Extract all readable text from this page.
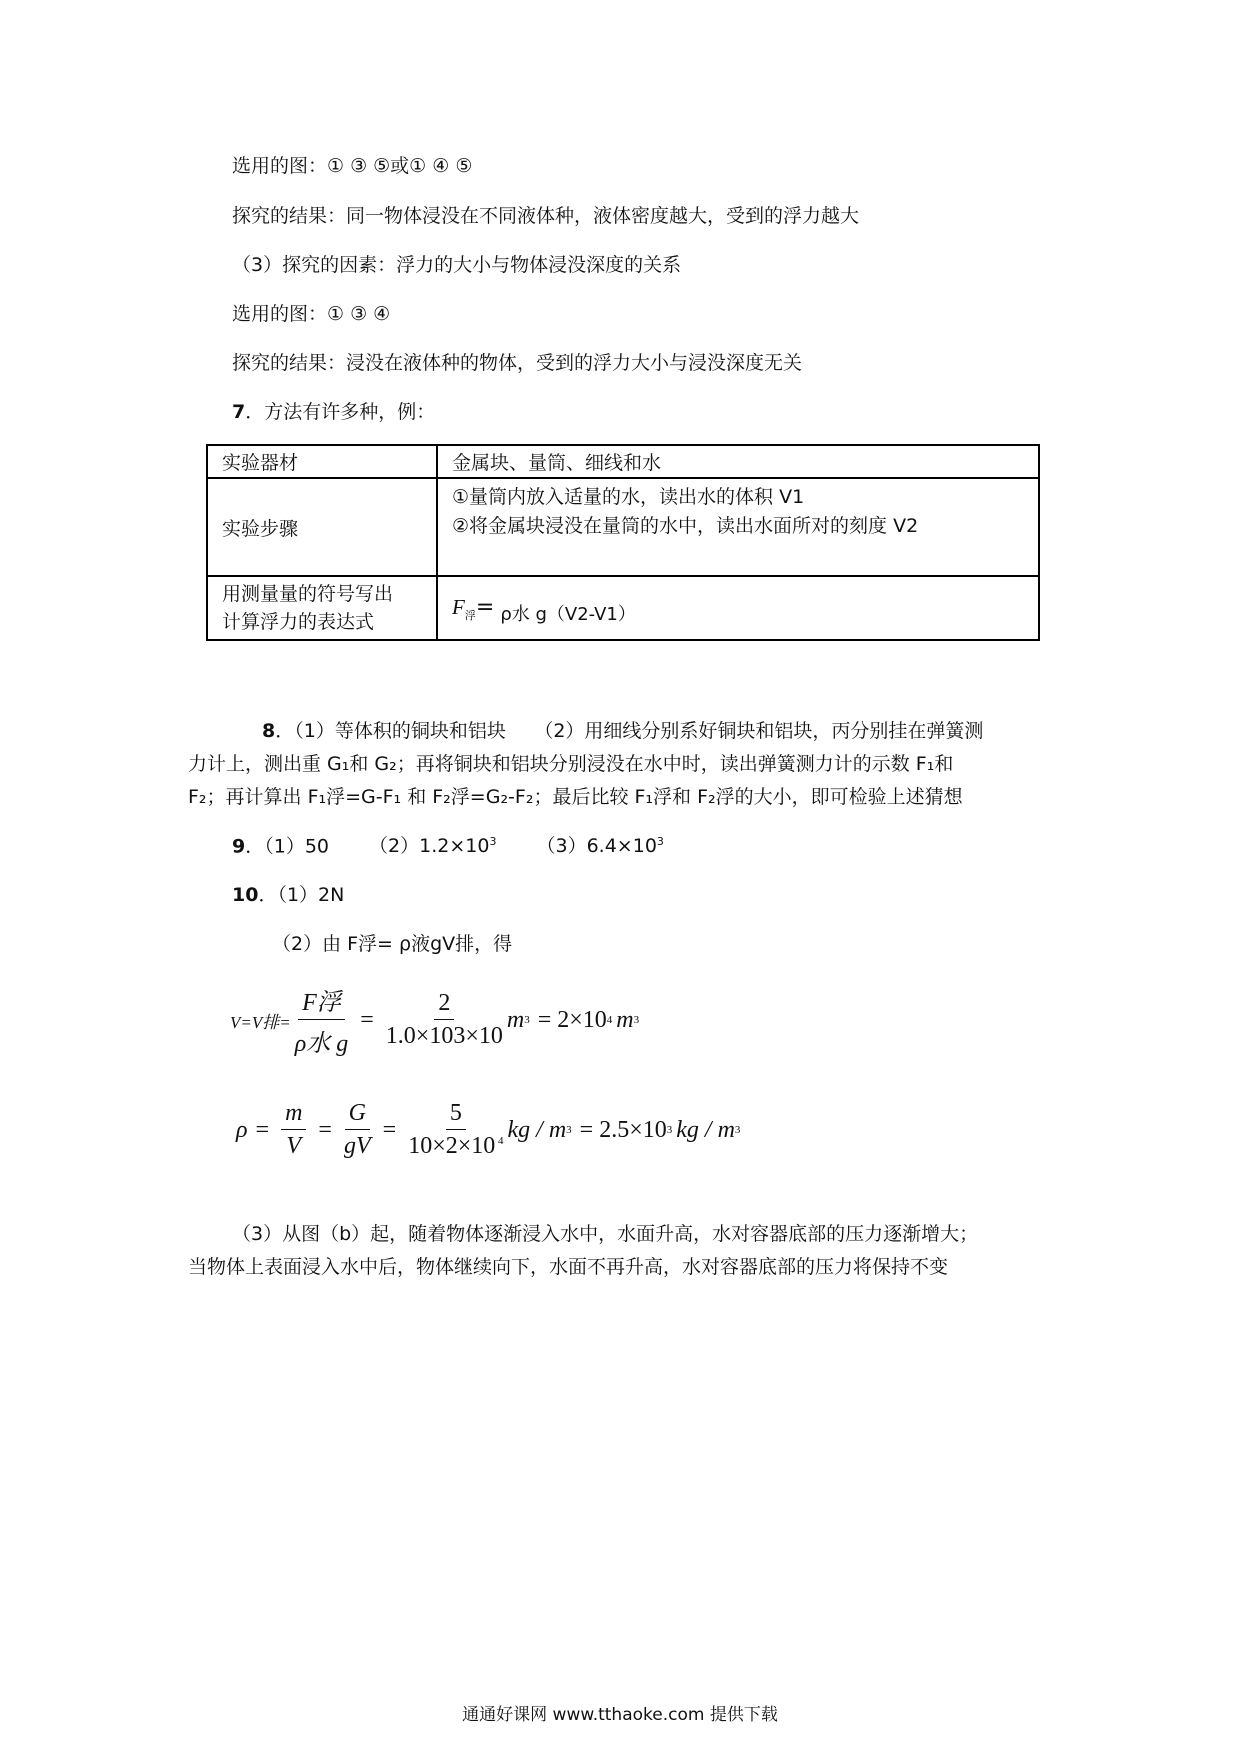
选用的图：① ③ ⑤或① ④ ⑤
探究的结果：同一物体浸没在不同液体种，液体密度越大，受到的浮力越大
（3）探究的因素：浮力的大小与物体浸没深度的关系
选用的图：① ③ ④
探究的结果：浸没在液体种的物体，受到的浮力大小与浸没深度无关
7．方法有许多种，例：
实验器材	金属块、量筒、细线和水
实验步骤	①量筒内放入适量的水，读出水的体积 V1
②将金属块浸没在量筒的水中，读出水面所对的刻度 V2

用测量量的符号写出
计算浮力的表达式	$F_浮= \rho$水 g（V2-V1）
8．（1）等体积的铜块和铝块　　（2）用细线分别系好铜块和铝块，丙分别挂在弹簧测
力计上，测出重 G₁和 G₂；再将铜块和铝块分别浸没在水中时，读出弹簧测力计的示数 F₁和
F₂；再计算出 F₁浮=G-F₁ 和 F₂浮=G₂-F₂；最后比较 F₁浮和 F₂浮的大小，即可检验上述猜想
9．（1）50 $(2)1.2\times 10^3$ $(3)6.4\times 10^3$
10．（1）2N
（2）由 F浮= ρ液gV排，得
V=V排= $\frac{\text{F浮}}{\text{ρ水 g}} = \frac{2}{1.0\times 103\times 10}$ m 3 = 2×10 4 m 3
$\rho = \frac{m}{V} = \frac{G}{gV} = \frac{5}{10\times 2\times 10 ^4}$ kg / m 3 = 2.5×10 3 kg / m 3
（3）从图（b）起，随着物体逐渐浸入水中，水面升高，水对容器底部的压力逐渐增大；
当物体上表面浸入水中后，物体继续向下，水面不再升高，水对容器底部的压力将保持不变
通通好课网 www.tthaoke.com 提供下载
